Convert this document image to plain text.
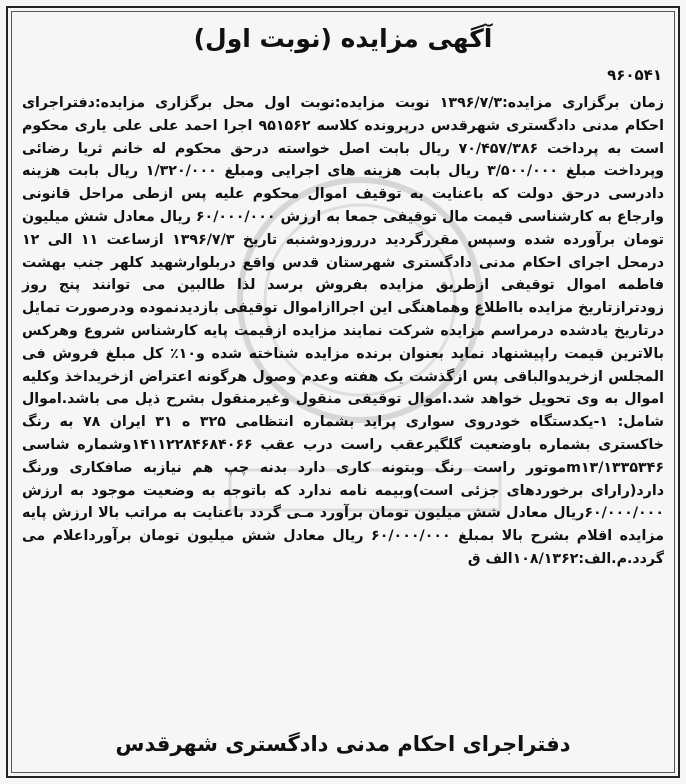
آگهی مزایده (نوبت اول)
۹۶۰۵۴۱
زمان برگزاری مزایده:۱۳۹۶/۷/۳ نوبت مزایده:نوبت اول محل برگزاری مزایده:دفتراجرای احکام مدنی دادگستری شهرقدس درپرونده کلاسه ۹۵۱۵۶۲ اجرا احمد علی علی یاری محکوم است به پرداخت ۷۰/۴۵۷/۳۸۶ ریال بابت اصل خواسته درحق محکوم له خانم ثریا رضائی وپرداخت مبلغ ۳/۵۰۰/۰۰۰ ریال بابت هزینه های اجرایی ومبلغ ۱/۳۲۰/۰۰۰ ریال بابت هزینه دادرسی درحق دولت که باعنایت به توقیف اموال محکوم علیه پس ازطی مراحل قانونی وارجاع به کارشناسی قیمت مال توقیفی جمعا به ارزش ۶۰/۰۰۰/۰۰۰ ریال معادل شش میلیون تومان برآورده شده وسپس مقررگردید درروزدوشنبه تاریخ ۱۳۹۶/۷/۳ ازساعت ۱۱ الی ۱۲ درمحل اجرای احکام مدنی دادگستری شهرستان قدس واقع دربلوارشهید کلهر جنب بهشت فاطمه اموال توقیفی ازطریق مزایده بفروش برسد لذا طالبین می توانند پنج روز زودترازتاریخ مزایده بااطلاع وهماهنگی این اجراازاموال توقیفی بازدیدنموده ودرصورت تمایل درتاریخ یادشده درمراسم مزایده شرکت نمایند مزایده ازقیمت پایه کارشناس شروع وهرکس بالاترین قیمت راپیشنهاد نماید بعنوان برنده مزایده شناخته شده و۱۰٪ کل مبلغ فروش فی المجلس ازخریدوالباقی پس ازگذشت یک هفته وعدم وصول هرگونه اعتراض ازخریداخذ وکلیه اموال به وی تحویل خواهد شد.اموال توقیفی منقول وغیرمنقول بشرح ذیل می باشد.اموال شامل: ۱-یکدستگاه خودروی سواری پراید بشماره انتظامی ۳۲۵ ه ۳۱ ایران ۷۸ به رنگ خاکستری بشماره باوضعیت گلگیرعقب راست درب عقب ۱۴۱۱۲۲۸۴۶۸۴۰۶۶وشماره شاسی ۱۳۳۵۳۴۶/m۱۳موتور راست رنگ وبتونه کاری دارد بدنه چپ هم نیازبه صافکاری ورنگ دارد(رارای برخوردهای جزئی است)وبیمه نامه ندارد که باتوجه به وضعیت موجود به ارزش ۶۰/۰۰۰/۰۰۰ریال معادل شش میلیون تومان برآورد مـی گردد باعنایت به مراتب بالا ارزش پایه مزایده اقلام بشرح بالا بمبلغ ۶۰/۰۰۰/۰۰۰ ریال معادل شش میلیون تومان برآورداعلام می گردد.م.الف:۱۰۸/۱۳۶۲الف ق
دفتراجرای احکام مدنی دادگستری شهرقدس
